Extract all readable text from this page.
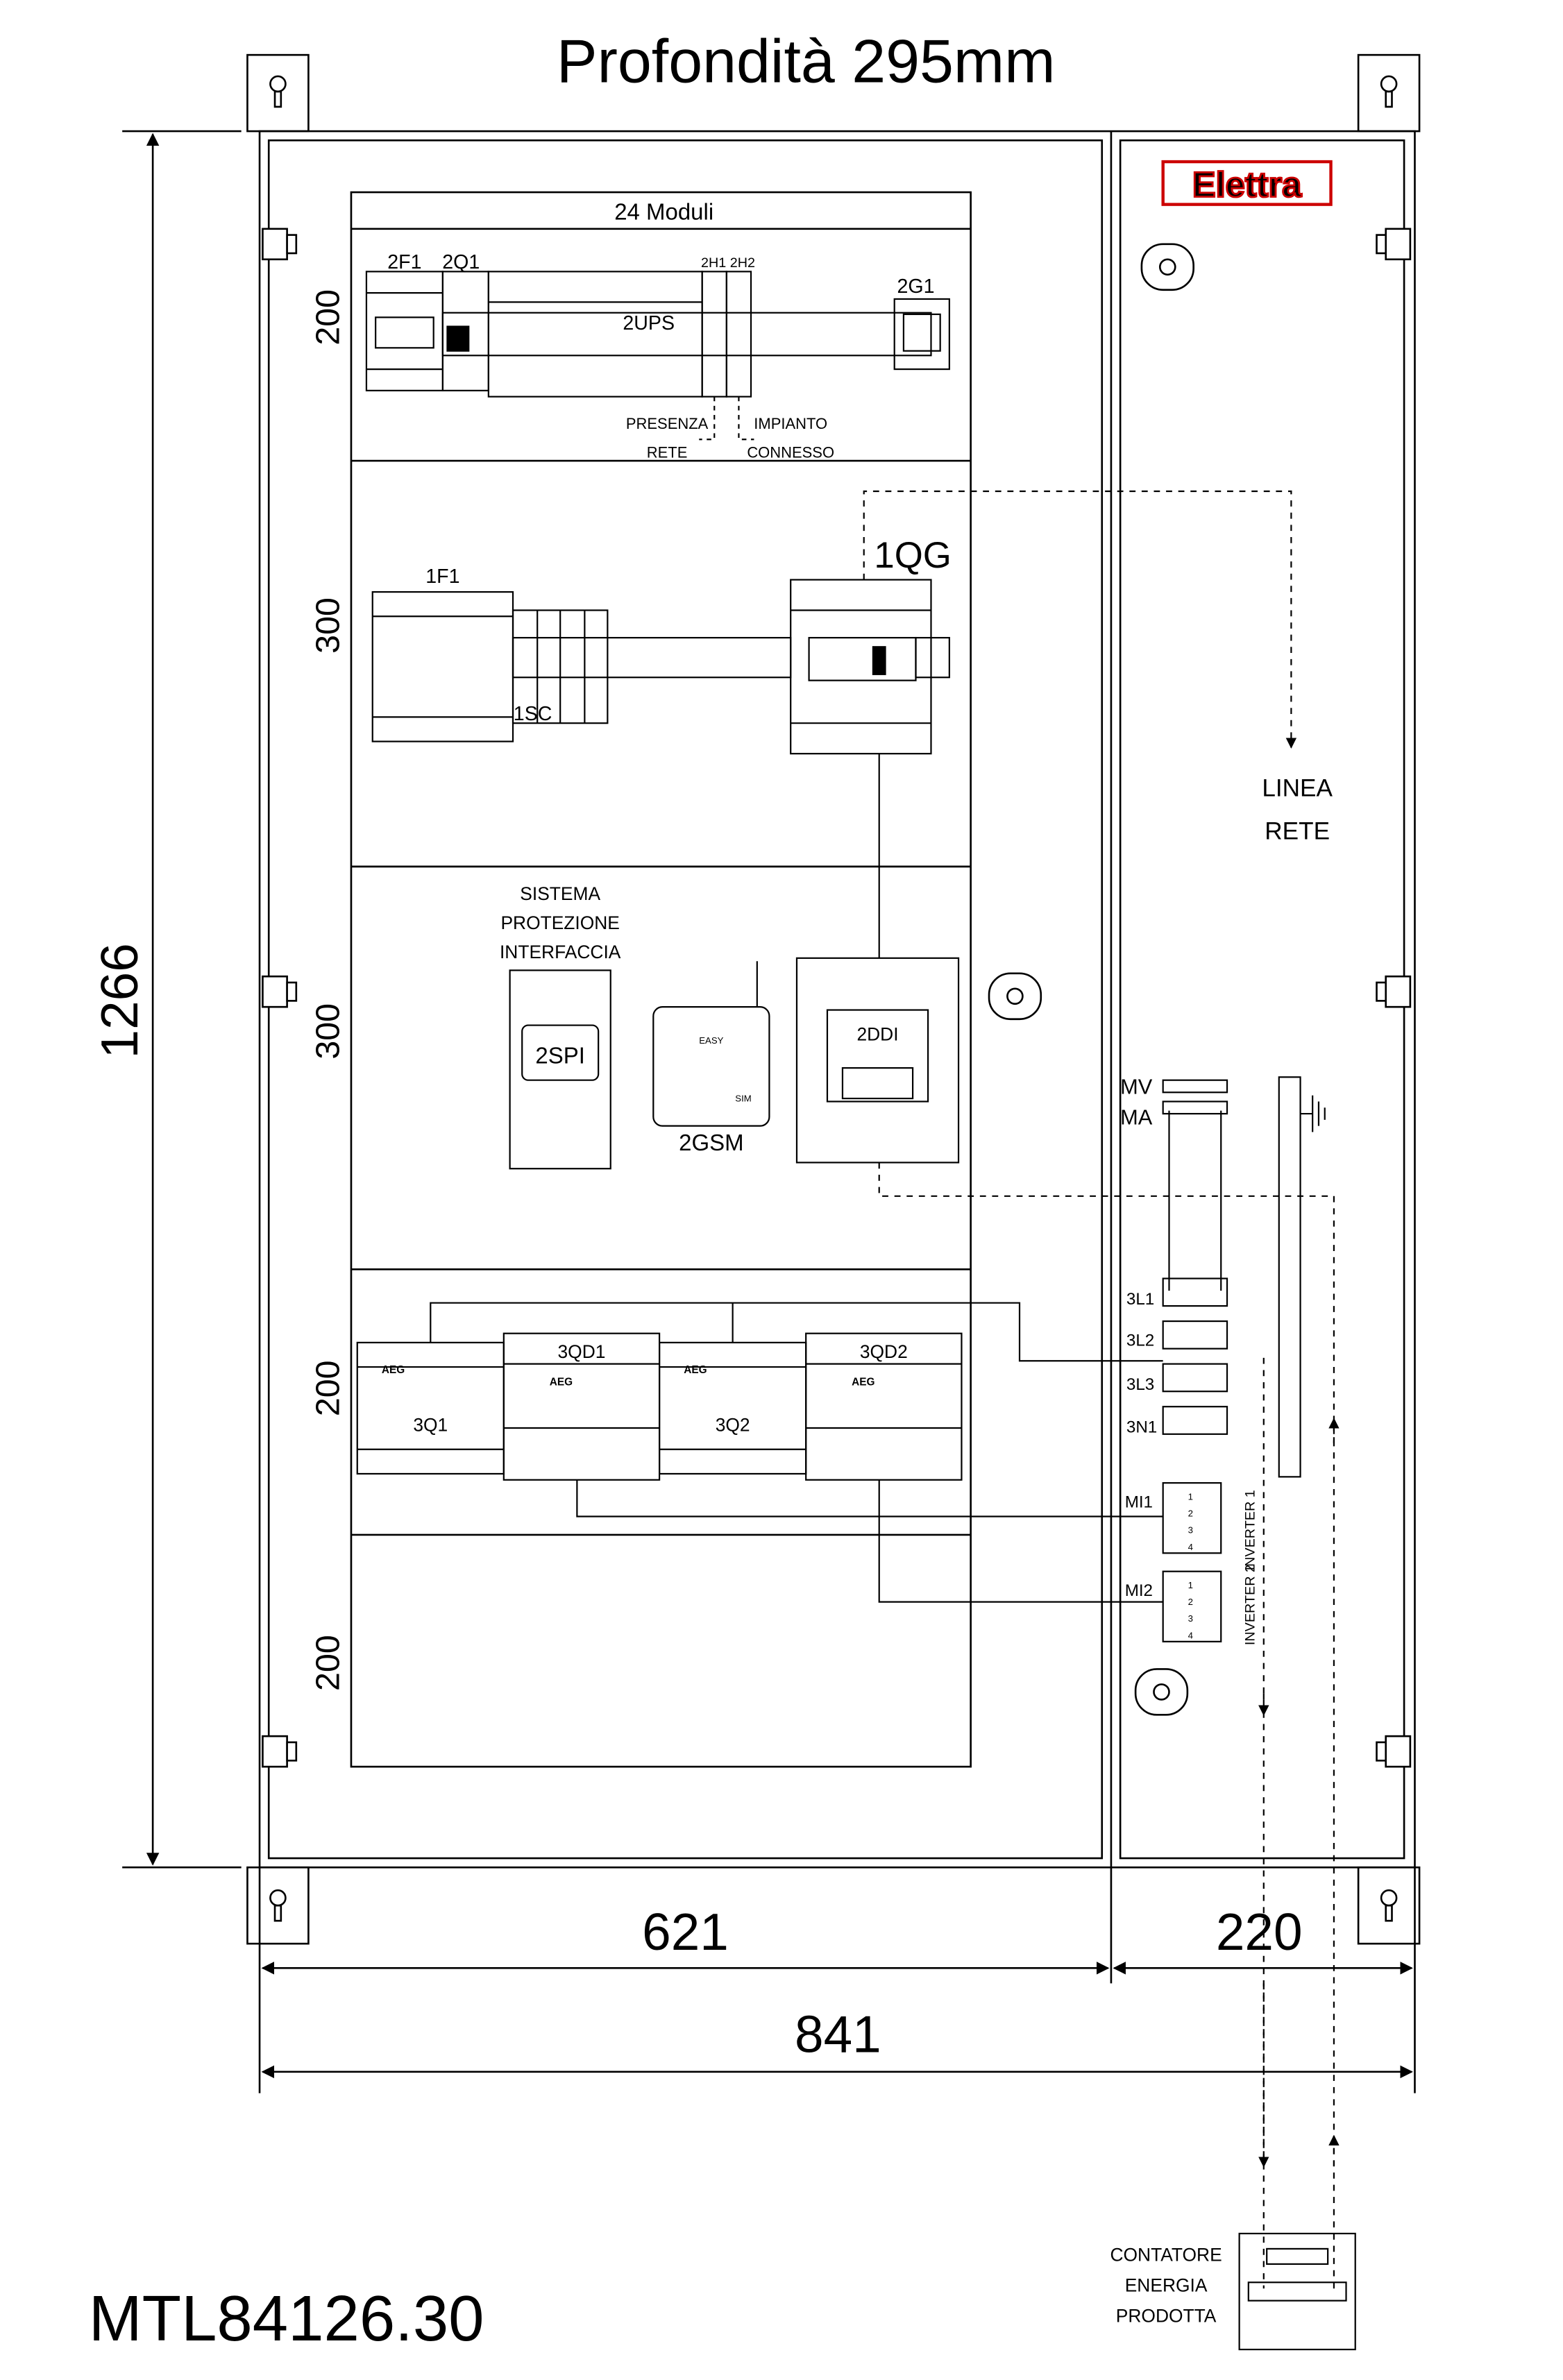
Profondità 295mm
Elettra
24 Moduli
200
300
300
200
200
2F1 2Q1
2UPS
2H1 2H2
2G1
PRESENZA
RETE
IMPIANTO
CONNESSO
1F1
1SC
1QG
SISTEMA
PROTEZIONE
INTERFACCIA
2SPI
2GSM
EASY
SIM
2DDI
3QD1	3QD2
3Q1	3Q2
AEG
AEG
AEG
AEG
MV
MA
3L1
3L2
3L3
3N1
MI1
MI2
1
2
3
4
1
2
3
4
INVERTER 1
INVERTER 2
LINEA
RETE
CONTATORE
ENERGIA
PRODOTTA
1266
621	220
841
MTL84126.30
